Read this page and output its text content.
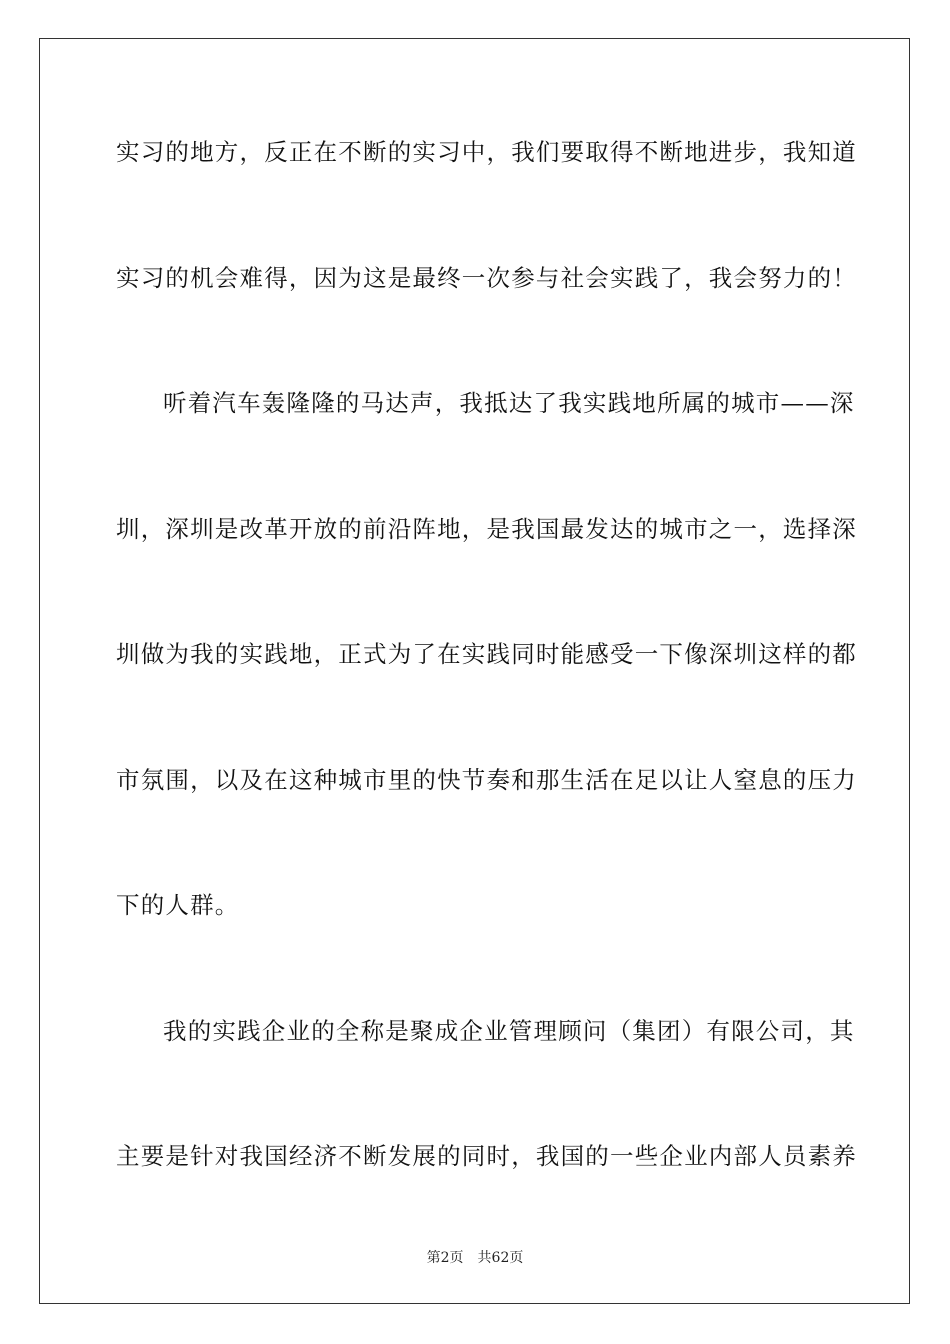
实习的地方，反正在不断的实习中，我们要取得不断地进步，我知道
实习的机会难得，因为这是最终一次参与社会实践了，我会努力的！
听着汽车轰隆隆的马达声，我抵达了我实践地所属的城市——深
圳，深圳是改革开放的前沿阵地，是我国最发达的城市之一，选择深
圳做为我的实践地，正式为了在实践同时能感受一下像深圳这样的都
市氛围，以及在这种城市里的快节奏和那生活在足以让人窒息的压力
下的人群。
我的实践企业的全称是聚成企业管理顾问（集团）有限公司，其
主要是针对我国经济不断发展的同时，我国的一些企业内部人员素养
第2页 共62页
